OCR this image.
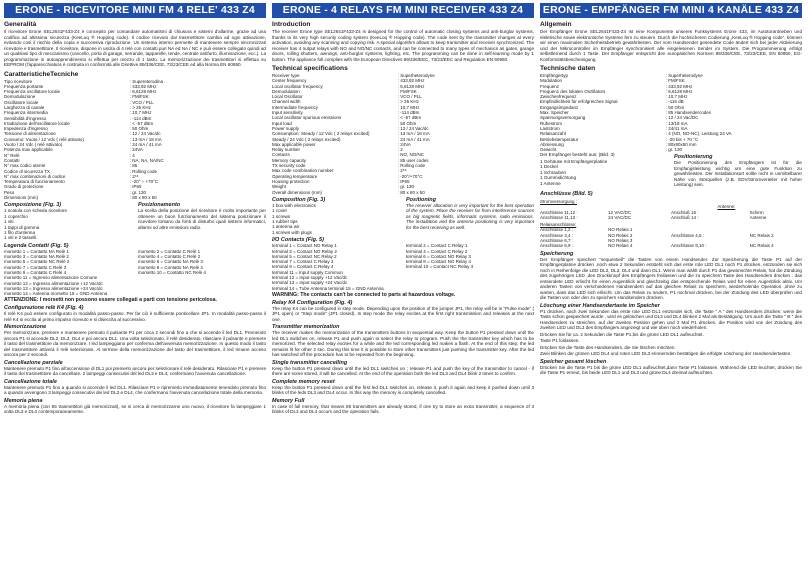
ERONE - RICEVITORE MINI FM 4 RELE' 433 Z4
Generalità

Il ricevitore Erone SEL2641F433-Z4 è concepito per comandare automatismi di chiusura e sistemi d'allarme, grazie ad una codifica ad altissima sicurezza (KeeLoq ® Hopping code). Il codice ricevuto dal trasmettitore cambia ad ogni attivazione, evitando così il rischio della copia e successiva riproduzione. Un sistema interno permette di mantenere sempre sincronizzati ricevitore e trasmettitore. Il ricevitore, dispone in uscita di 4 relè con contatti puri NA ed NA / NC e può essere collegato quindi ad un qualsiasi tipo di meccanismo (cancello, porta di garage, serrande, tapparelle, tende, centrale antifurto, illuminazione, ecc.). La programmazione in autoapprendimento si effettua per mezzo di 1 tasto. La memorizzazione dei trasmettitori si effettua su EEPROM (l'apparecchiatura è costruita in conformità alle Direttive 89/336/CEE, 73/23/CEE ed alla Norma EN 60950.

CaratteristicheTecniche
Tipo ricevitore	: Supereterodina
Frequenza portante	: 433,92 MHz
Frequenza oscillatore locale	: 6,6128 MHz
Demodulazione	: FM/FSK
Oscillatore locale	: VCO / PLL
Larghezza di canale	: > 25 KHz
Frequenza intermedia	: 10,7 MHz
Sensibilità d'ingresso	: -114 dBm
Irradiazione dell'oscillatore locale	: < -57 dBm
Impedenza d'ingresso	: 50 Ohm
Tensione di alimentazione	: 12 / 24 Vac/dc
Consumo: Vuoto / 12 Vdc ( relè attivato)	: 13 mA / 18 mA
Vuoto / 24 Vdc ( relè attivato)	: 24 mA / 41 mA
Potenza max applicabile	: 24VA
N° Relè	: 4
Contatti	: NA, NA, NA/NC
N° max codici utente	: 85
Codice di sicurezza TX	: Rolling code
N° max combinazioni di codice	: 2⁶⁶
Temperatura di funzionamento	: -20° ÷ +70°C
Grado di protezione	: IP65
Peso	: gr. 130
Dimensioni (mm)	: 80 x 80 x 50
Composizione (Fig. 3)
1 scatola con scheda ricevitore
1 coperchio
1 viti
1 tappi di gomma
1 filo d'antenna
1 viti e 2 tasselli
Posizionamento

La scelta della posizione del ricevitore è molto importante per ottenere un buon funzionamento del sistema posizionare il ricevitore lontano da fonti di disturbo quali sistemi informatici, allarmi od altre emissioni radio.

Legenda Contatti (Fig. 5)
morsetto 1 = Contatto NA Relè 1	morsetto 2 = Contatto C Relè 1
morsetto 3 = Contatto NA Relè 2	morsetto 4 = Contatto C Relè 2
morsetto 5 = Contatto NC Relè 2	morsetto 6 = Contatto NA Relè 3
morsetto 7 = Contatto C Relè 3	morsetto 8 = Contatto NA Relè 4
morsetto 9 = Contatto C Relè 4	morsetto 10 = Contatto NC Relè 4
morsetto 11 = Ingresso alimentazione Comune
morsetto 12 = Ingresso alimentazione +12 Vac/dc
morsetto 13 = Ingresso alimentazione +24 Vac/dc
morsetto 14 = Antenna morsetto 15 = GND Antenna
ATTENZIONE: I morsetti non possono essere collegati a parti con tensione pericolosa.
Configurazione relè K4 (Fig. 4)

Il relè K4 può essere configurato in modalità passo-passo. Per far ciò è sufficiente ponticellare JP1. In modalità passo-passo il relè K4 si eccita al primo impulso ricevuto e si diseccita al successivo.

Memorizzazione

Per memorizzare, premere e mantenere premuto il pulsante P1 per circa 2 secondi fino a che si accende il led DL1. Premendo ancora P1 si accende DL2, DL3, DL4 e poi ancora DL1. Una volta selezionato, il relè desiderato, rilasciare il pulsante e premere il tasto del trasmettitore da memorizzare. I led lampeggiano per conferma dell'avvenuta memorizzazione. In questo modo il tasto del trasmettitore attiverà il relè selezionato. Al termine della memorizzazione del tasto del trasmettitore, il led rimane acceso ancora per 2 secondi.

Cancellazione parziale

Mantenere premuto P1 fino all'accensione di DL1 poi premerlo ancora per selezionare il relè desiderato. Rilasciare P1 e premere il tasto del trasmettitore da cancellare. 2 lampeggi consecutivi del led DL3 e DL4, confermano l'avvenuta cancellazione.

Cancellazione totale

Mantenere premuto P1 fino a quando si accende il led DL1. Rilasciare P1 e ripremerlo immediatamente tenendolo premuto fino a quando avvengono 3 lampeggi consecutivi dei led DL3 e DL4, che confermano l'avvenuta cancellazione totale della memoria.

Memoria piena

A memoria piena (con 85 trasmettitori già memorizzati), se si cerca di memorizzarne uno nuovo, il ricevitore fa lampeggiare 1 volta DL3 e DL4 contemporaneamente.

ERONE - 4 RELAYS FM MINI RECEIVER 433 Z4
Introduction

The receiver Erone type SEL2641F433-Z4 is designed for the control of automatic closing systems and anti-burglar systems, thanks to its very high security coding system (KeeLoq ® Hopping code). The code sent by the transmitter changes at every activation, avoiding any scanning and copying risk. A special algorithm allows to keep transmitter and receiver synchronized. The receiver has 4 output relays with NO and NO/NC contacts, and can be connected to many types of mechanics as gates, garage doors, rolling shutters, awnings, anti-burglar systems, lighting, etc. The programming can be done in self-learning mode by 1 button. The appliance full complies with the European Directives 89/336/EEC, 73/23/EEC and Regulation EN 60950.

Technical specifications
Receiver type	: Superheterodyne
Center frequency	: 433,92 MHz
Local oscillator frequency	: 6,6128 MHz
Demodulation	: FM/FSK
Local Oscillator	: VCO / PLL
Channel width	: > 25 KHz
Intermediate frequency	: 10,7 MHz
Input sensitivity	: -114 dBm
Local oscillator spurious emissions	: < -57 dBm
Input load	: 50 Ohm
Power supply	: 12 / 24 Vac/dc
Consumption: Steady / 12 Vdc ( 2 relays excited)	: 13 mA / 18 mA
Steady / 24 Vdc ( 2 relays excited)	: 24 mA / 41 mA
Max applicable power	: 24VA
Relay number	: 2
Contacts	: NO, NO/NC
Memory capacity	: 85 user codes
TX security code	: Rolling code
Max code combination number	: 2⁶⁶
Operating temperature	: -20°/+70°C
Housing protection	: IP65
Weight	: gr. 130
Overall dimensions (mm)	: 80 x 80 x 50
Composition (Fig. 3)
1 box with electronics
1 cover
1 screws
1 rubber tips
1 antenna wir
1 screws with plugs
Positioning

The receiver allocation is very important for the best operation of the system. Place the receiver far from interference sources as big magnetic fields, informatic systems, radio emissions. The installation and the antenna positioning is very important for the best receiving as well.

I/O Contacts (Fig. 5)
terminal 1 = Contact NO Relay 1	terminal 2 = Contact C Relay 1
terminal 3 = Contact NO Relay 2	terminal 4 = Contact C Relay 2
terminal 5 = Contact NC Relay 2	terminal 6 = Contact NO Relay 3
terminal 7 = Contact C Relay 3	terminal 8 = Contact NO Relay 4
terminal 9 = Contact C Relay 4	terminal 10 = Contact NC Relay 4
terminal 11 = Input supply Common
terminal 12 = Input supply +12 Vac/dc
terminal 13 = Input supply +24 Vac/dc
terminal 14 = Tube Antenna terminal 15 = GND Antenna
WARNING: The contacts can't be connected to parts at hazardous voltage.
Relay K4 Configuration (Fig. 4)

The relay K4 can be configured in step mode. Depending upon the position of the jumper JP1, the relay will be in "Pulse mode" ( JP1 open) or "Step mode" (JP1 closed). In step mode the relay excites at the first right transmission and releases at the next one.

Transmitter memorization

The receiver makes the memorization of the transmitters buttons in sequential way. Keep the button P1 pressed down until the led DL1 switches on, release P1 and push again to select the relay to program. Push the the transmitter key which has to be memorized. The selected relay excites for a while and the led corresponding led makes a flash. At the end of this step, the led remains lit for other 2 sec. During this time it is possible to store other transmitters just pushing the transmitter key. After the led has switched off the procedure has to be repeated from the beginning.

Single transmitter cancelling

Keep the button P1 pressed down until the led DL1 switches on ; release P1 and push the key of the transmitter to cancel - if there are some stored, it will be cancelled. At the end of the operation both the led DL3 and DL4 blink 2 times to confirm.

Complete memory reset

Keep the button P1 pressed down until the first led DL1 switches on, release it, push it again and keep it pushed down until 3 blinks of the leds DL3 and DL4 occur. In this way the memory is completely cancelled.

Memory Full

In case of full memory, that means 85 transmitters are already stored, if one try to store an extra transmitter, a sequence of 3 blinks of DL3 and DL4 occurs and the operation fails.

ERONE - EMPFÄNGER FM MINI 4 KANÄLE 433 Z4
Allgemein

Der Empfänger Erone SEL2641F433-Z4 ist eine Komponente unseres Funksystems Erone 433, im Autotorantrieben und elektrische sowie elektronische Systeme fern zu steuern. Durch die hochsicheren Codierung „KeeLoq ® Hopping code“, können wir einen maximalen Sicherheitsbetrieb gewährleisten. Der vom Handsender gesendete Code ändert sich bei jeder Aktivierung und der Mikrocontroller im Empfänger synchronisiert alle eingelesenen Sender im System. Die Programmierung erfolgt selbstlernend durch 1 Taste. Der Empfänger entspricht den europäischen Normen 89/336/CEE, 73/23/CEE, EN 60950, EG-Konformitätsbescheinigung.

Technische daten
Empfängertyp	: Superheterodyne
Modulation	: FM/FSK
Frequenz	: 433,92 MHz
Frequenz des lokalen Oszillators	: 6,6128 MHz
Zwischenfrequenz	: 10,7 MHz
Empfindlichkeit für erfolgreiches Signal	: -115 dB
Eingangsimpedanz	: 50 Ohm
Max. Speicher	: 85 Handsendercodes
Spannungsversorgung	: 12 / 24 Vac/DC
Ruhestrom	: 13/18 mA
Laststrom	: 24/41 mA
Relaisanzahl	: 4 (NO, NO-NC), Leistung 24 VA
Betriebstemperatur	: -20 bis + 70 °C
Abmessung	: 80x80x50 mm
Gewicht	: gr. 130

Der Empfänger besteht aus: (Bild. 3)

1 Gehäuse mit Empfängerplatine
1 Deckel
1 Schrauben
1 Gummidichtung
1 Antenne
Positionierung

Die Positionierung des Empfängers ist für die Empfangsleistung wichtig um eine gute Funktion zu gewährleisten. Der Installationsort sollte nicht in unmittelbarer Nähe von Störquellen (z.B. EDV/Stromverteiler mit hoher Leistung) sein.

Anschlüsse (Bild. 5)
Stromversorgung :
Antenne:
Anschlüsse 11,12 :	12 VAC/DC	Anschluß 15 :	Schirm
Anschlüsse 11,13 :	24 VAC/DC	Anschluß 14 :	Antenne
Relaisanschlüsse:
Anschlüsse 1,2 :	NO Relais 1
Anschlüsse 3,4 :	NO Relais 2	Anschlüsse 4,5 :	NC Relais 2
Anschlüsse 6,7 :	NO Relais 3
Anschlüsse 8,9 :	NO Relais 4	Anschlüsse 9,10 :	NC Relais 4
Speicherung

Der Empfänger speichert "sequentiell" die Tasten von einem Handsender. Zur Speicherung die Taste P1 auf der Empfängerplatine drücken ,noch etwa 2 Sekunden entsteht sich das erste rote LED DL1 noch P1 drücken, entzünden sie sich noch in Reihenfolge die LED DL2, DL3, DL4 und dann DL1. Wenn man wählt durch P1 das gewünschte Relais, hat die Zündung des zugehörigen LED ,den Druckknopf des Empfängers freilassen und die zu speichern Taste des Handsenders drücken : das entsendete LED erlischt für einen Augenblick und gleichzeitig das entsprechende Relais wird für einen Augenblick aktiv. Um anderen Tasten von verschiedenen Handsendern auf das gleichen Relais zu speichern, wiederholende Operation ,ohne zu warten, dass das LED sich erlischt. Um das Relais zu ändern, P1 nochmal drücken, bei der Zündung des LED überprüfen und die Tasten von oder den zu speichern Handsendern drücken.

Löschung einer Handsendertaste im Speicher

P1 drücken, nach zwei Sekunden das erste rote LED DL1 entzündet sich, die Taste " A " des Handsenders drücken: wenn die Taste schon gespeichert wurde , wird es gelöschen und DL3 und DL4 blinken 2 Mal als Bestätigung. Um auch die Taste " B " des Handsenders zu streichen, auf der zweiten Position gehen und 2 Mal P1 drücken, die Position wird von der Zündung des zweiten LED und DL3 des Empfängers angezeigt und wie oben noch wiederholen.

Drücken Sie für ca. 2 Sekunden die Taste P1,bis die grüne LED DL1 aufleuchtet.

Taste P1 loslassen.

Drücken Sie die Taste des Handsenders, die Sie löschen möchten.

Zwei Blinken der grünen LED DL4 und roten LED DL3 erinnernden bestätigen die erfolgte Löschung der Handsendertasten.

Speicher gesamt löschen

Drücken Sie die Taste P1 bis die grüne LED DL1 aufleuchtet,dann Taste P1 loslassen. Während die LED leuchtet, drücken Sie die Taste P1 erneut, bis beide LED DL1 und DL3 und grüne DL4 dreimal aufleuchten.
